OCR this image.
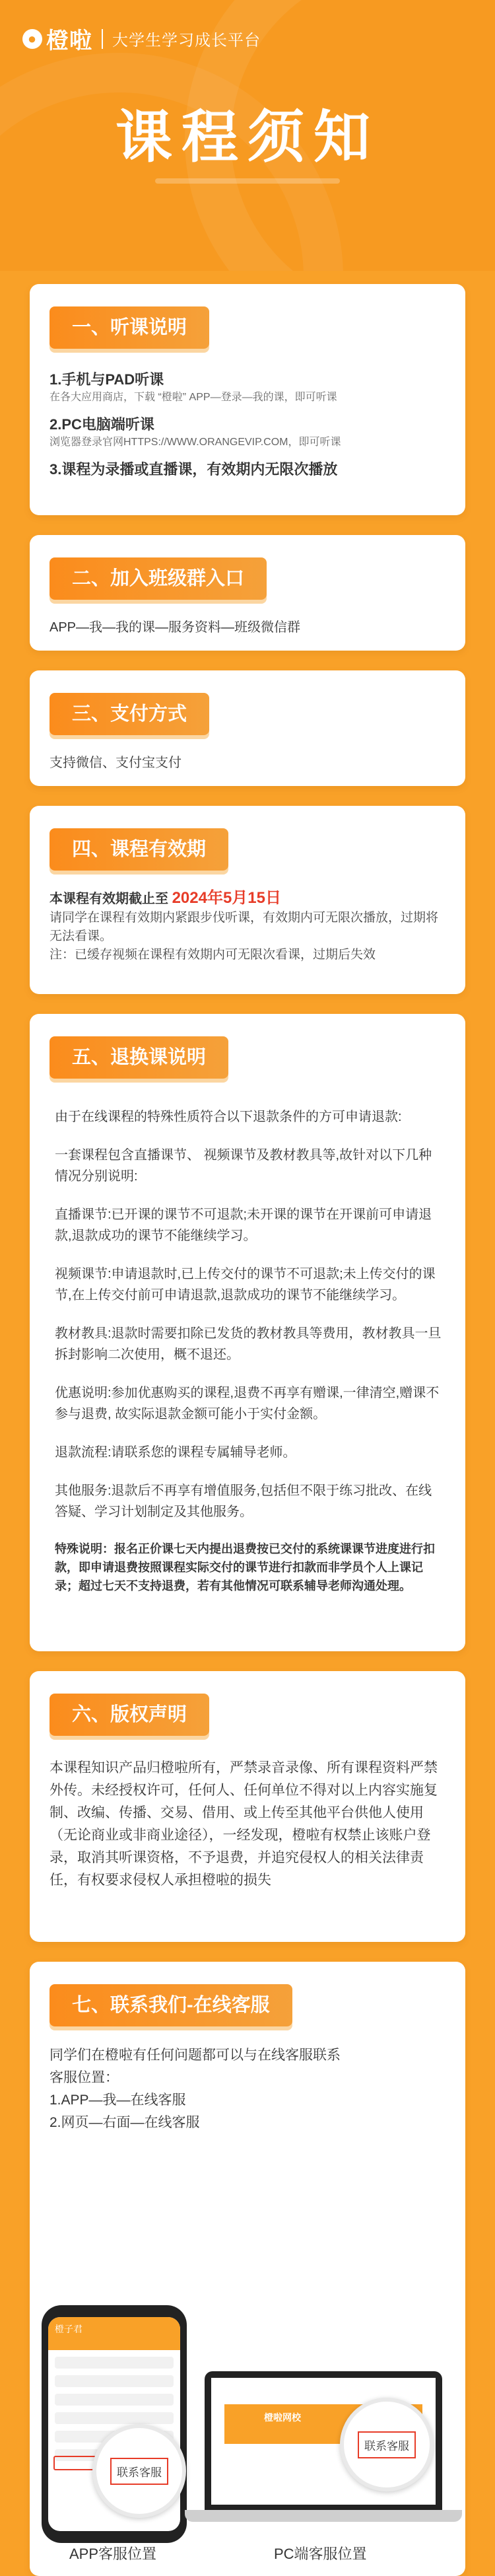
● 橙啦 大学生学习成长平台
课程须知
一、听课说明
1.手机与PAD听课
在各大应用商店，下载 “橙啦” APP—登录—我的课，即可听课
2.PC电脑端听课
浏览器登录官网HTTPS://WWW.ORANGEVIP.COM，即可听课
3.课程为录播或直播课，有效期内无限次播放
二、加入班级群入口
APP—我—我的课—服务资料—班级微信群
三、支付方式
支持微信、支付宝支付
四、课程有效期
本课程有效期截止至 2024年5月15日
请同学在课程有效期内紧跟步伐听课，有效期内可无限次播放，过期将无法看课。
注：已缓存视频在课程有效期内可无限次看课，过期后失效
五、退换课说明

由于在线课程的特殊性质符合以下退款条件的方可申请退款:

一套课程包含直播课节、 视频课节及教材教具等,故针对以下几种情况分别说明:

直播课节:已开课的课节不可退款;未开课的课节在开课前可申请退款,退款成功的课节不能继续学习。

视频课节:申请退款时,已上传交付的课节不可退款;未上传交付的课节,在上传交付前可申请退款,退款成功的课节不能继续学习。

教材教具:退款时需要扣除已发货的教材教具等费用，教材教具一旦拆封影响二次使用，概不退还。

优惠说明:参加优惠购买的课程,退费不再享有赠课,一律清空,赠课不参与退费, 故实际退款金额可能小于实付金额。

退款流程:请联系您的课程专属辅导老师。

其他服务:退款后不再享有增值服务,包括但不限于练习批改、在线答疑、学习计划制定及其他服务。

特殊说明：报名正价课七天内提出退费按已交付的系统课课节进度进行扣款，即申请退费按照课程实际交付的课节进行扣款而非学员个人上课记录；超过七天不支持退费，若有其他情况可联系辅导老师沟通处理。

六、版权声明
本课程知识产品归橙啦所有，严禁录音录像、所有课程资料严禁外传。未经授权许可，任何人、任何单位不得对以上内容实施复制、改编、传播、交易、借用、或上传至其他平台供他人使用（无论商业或非商业途径），一经发现，橙啦有权禁止该账户登录，取消其听课资格，不予退费，并追究侵权人的相关法律责任，有权要求侵权人承担橙啦的损失
七、联系我们-在线客服
同学们在橙啦有任何问题都可以与在线客服联系
客服位置：
1.APP—我—在线客服
2.网页—右面—在线客服
橙子君
联系客服
橙啦网校
联系客服
APP客服位置	PC端客服位置
